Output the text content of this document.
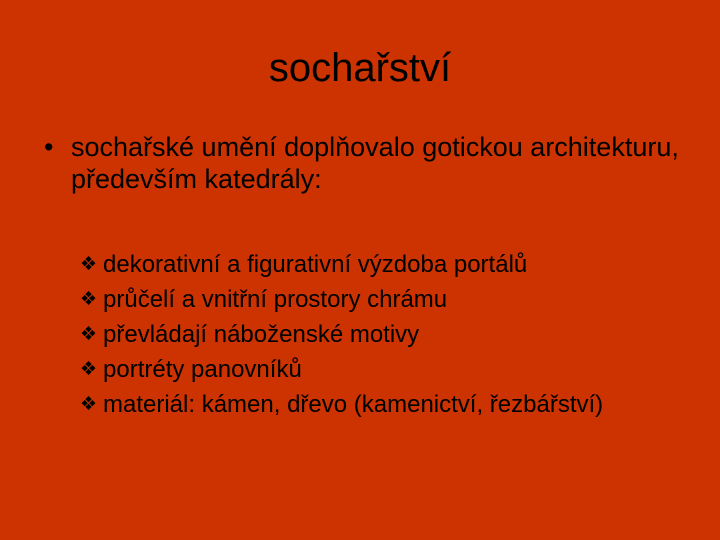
sochařství
• sochařské umění doplňovalo gotickou architekturu, především katedrály:
❖ dekorativní a figurativní výzdoba portálů
❖ průčelí a vnitřní prostory chrámu
❖ převládají náboženské motivy
❖ portréty panovníků
❖ materiál: kámen, dřevo (kamenictví, řezbářství)
